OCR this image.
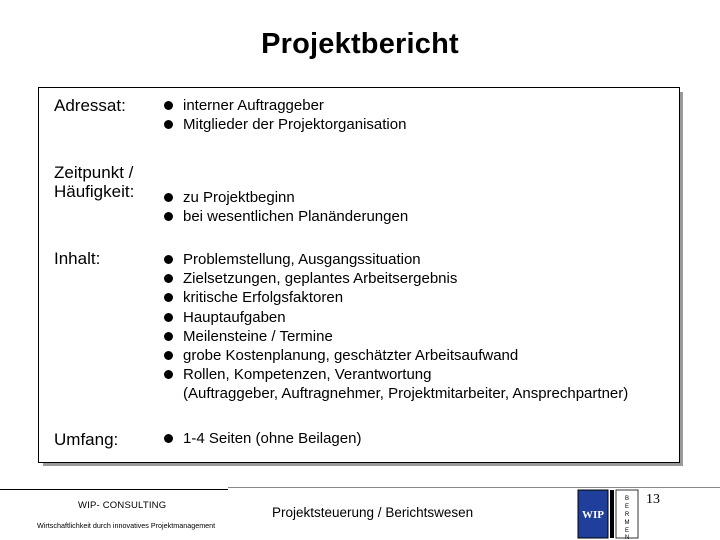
Projektbericht
Adressat:
Zeitpunkt /
Häufigkeit:
Inhalt:
Umfang:
interner Auftraggeber
Mitglieder der Projektorganisation
zu Projektbeginn
bei wesentlichen Planänderungen
Problemstellung, Ausgangssituation
Zielsetzungen, geplantes Arbeitsergebnis
kritische Erfolgsfaktoren
Hauptaufgaben
Meilensteine / Termine
grobe Kostenplanung, geschätzter Arbeitsaufwand
Rollen, Kompetenzen, Verantwortung
(Auftraggeber, Auftragnehmer, Projektmitarbeiter, Ansprechpartner)
1-4 Seiten (ohne Beilagen)
WIP- CONSULTING
Wirtschaftlichkeit durch innovatives Projektmanagement
Projektsteuerung / Berichtswesen	WIP
B
E
R
M
E
N
13
